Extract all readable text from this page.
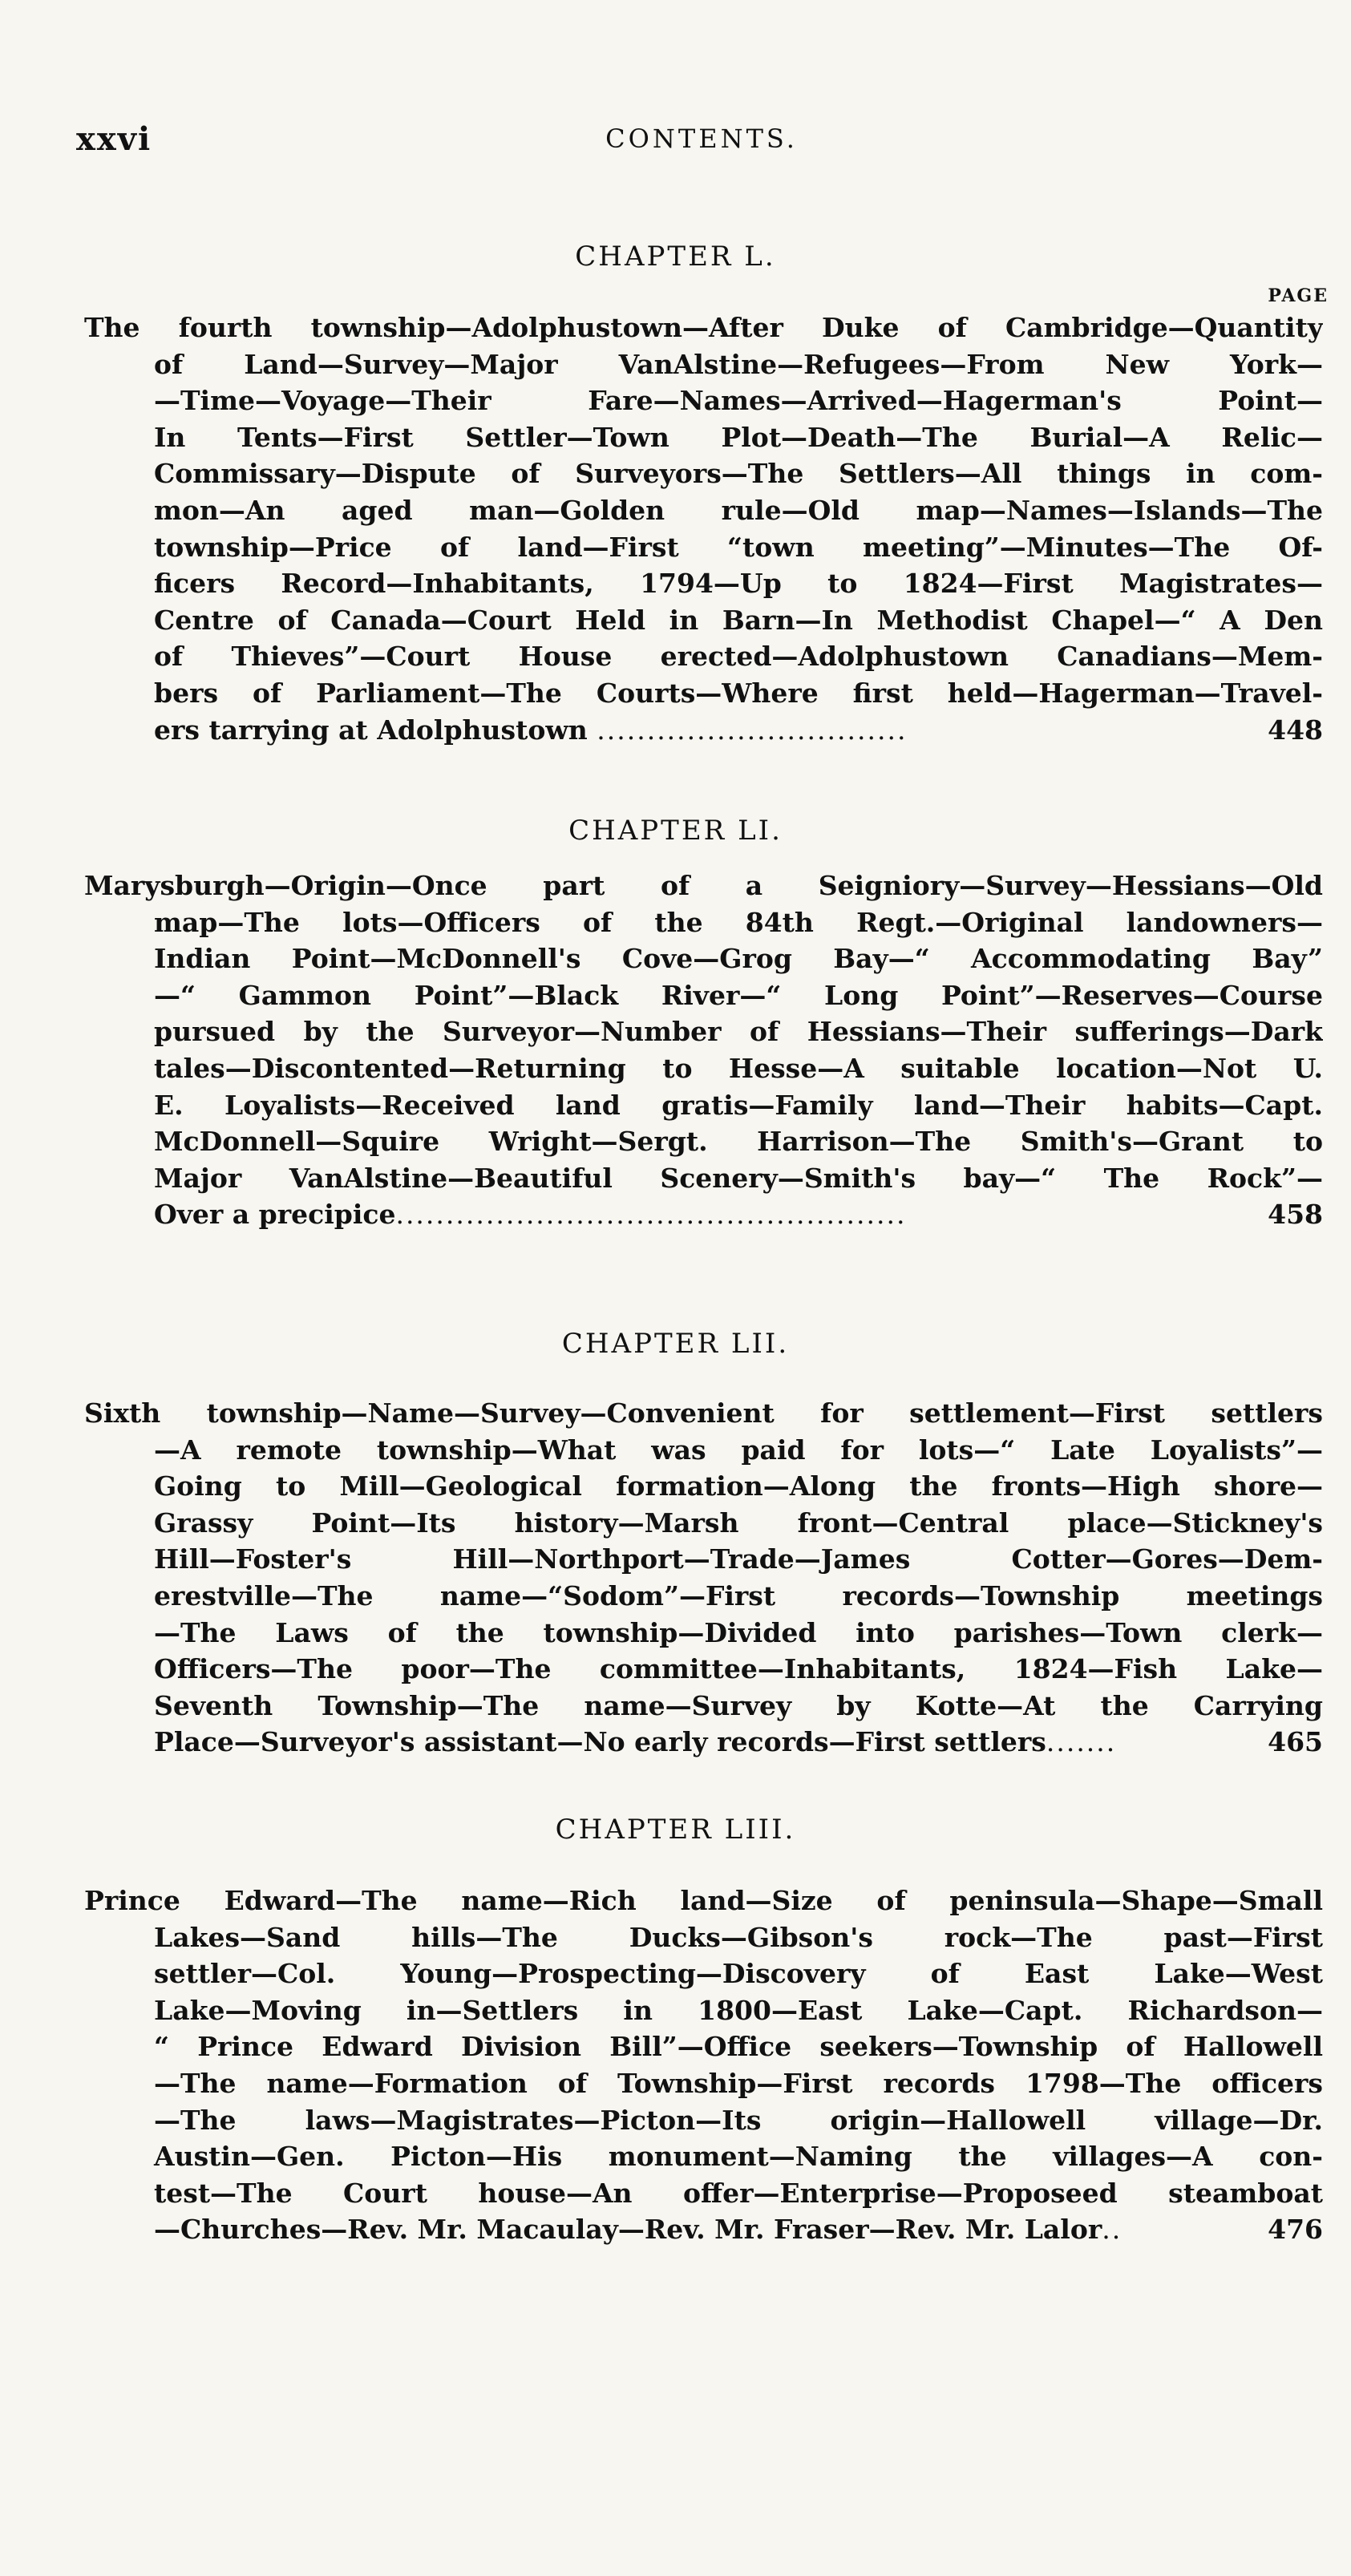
xxvi	CONTENTS.
PAGE
CHAPTER L.
The fourth township—Adolphustown—After Duke of Cambridge—Quantity
of Land—Survey—Major VanAlstine—Refugees—From New York—
—Time—Voyage—Their Fare—Names—Arrived—Hagerman's Point—
In Tents—First Settler—Town Plot—Death—The Burial—A Relic—
Commissary—Dispute of Surveyors—The Settlers—All things in com-
mon—An aged man—Golden rule—Old map—Names—Islands—The
township—Price of land—First “town meeting”—Minutes—The Of-
ficers Record—Inhabitants, 1794—Up to 1824—First Magistrates—
Centre of Canada—Court Held in Barn—In Methodist Chapel—“ A Den
of Thieves”—Court House erected—Adolphustown Canadians—Mem-
bers of Parliament—The Courts—Where first held—Hagerman—Travel-
ers tarrying at Adolphustown ...............................	448
CHAPTER LI.
Marysburgh—Origin—Once part of a Seigniory—Survey—Hessians—Old
map—The lots—Officers of the 84th Regt.—Original landowners—
Indian Point—McDonnell's Cove—Grog Bay—“ Accommodating Bay”
—“ Gammon Point”—Black River—“ Long Point”—Reserves—Course
pursued by the Surveyor—Number of Hessians—Their sufferings—Dark
tales—Discontented—Returning to Hesse—A suitable location—Not U.
E. Loyalists—Received land gratis—Family land—Their habits—Capt.
McDonnell—Squire Wright—Sergt. Harrison—The Smith's—Grant to
Major VanAlstine—Beautiful Scenery—Smith's bay—“ The Rock”—
Over a precipice...................................................	458
CHAPTER LII.
Sixth township—Name—Survey—Convenient for settlement—First settlers
—A remote township—What was paid for lots—“ Late Loyalists”—
Going to Mill—Geological formation—Along the fronts—High shore—
Grassy Point—Its history—Marsh front—Central place—Stickney's
Hill—Foster's Hill—Northport—Trade—James Cotter—Gores—Dem-
erestville—The name—“Sodom”—First records—Township meetings
—The Laws of the township—Divided into parishes—Town clerk—
Officers—The poor—The committee—Inhabitants, 1824—Fish Lake—
Seventh Township—The name—Survey by Kotte—At the Carrying
Place—Surveyor's assistant—No early records—First settlers.......	465
CHAPTER LIII.
Prince Edward—The name—Rich land—Size of peninsula—Shape—Small
Lakes—Sand hills—The Ducks—Gibson's rock—The past—First
settler—Col. Young—Prospecting—Discovery of East Lake—West
Lake—Moving in—Settlers in 1800—East Lake—Capt. Richardson—
“ Prince Edward Division Bill”—Office seekers—Township of Hallowell
—The name—Formation of Township—First records 1798—The officers
—The laws—Magistrates—Picton—Its origin—Hallowell village—Dr.
Austin—Gen. Picton—His monument—Naming the villages—A con-
test—The Court house—An offer—Enterprise—Proposeed steamboat
—Churches—Rev. Mr. Macaulay—Rev. Mr. Fraser—Rev. Mr. Lalor..	476
